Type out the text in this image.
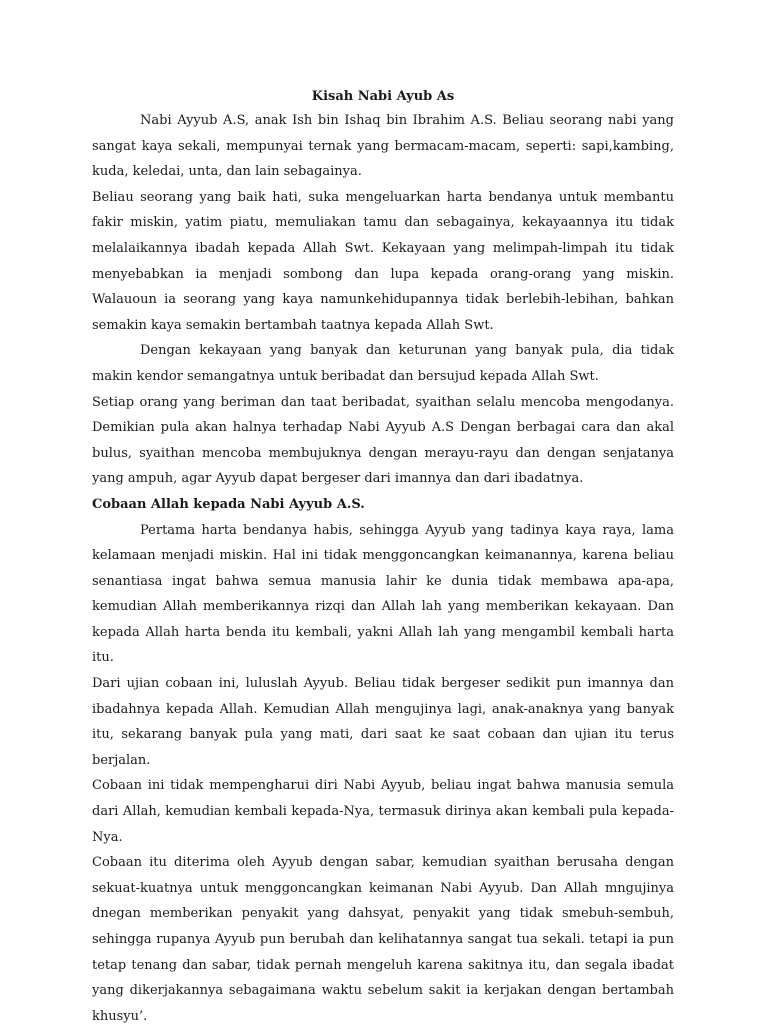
Kisah Nabi Ayub As

Nabi Ayyub A.S, anak Ish bin Ishaq bin Ibrahim A.S. Beliau seorang nabi yang sangat kaya sekali, mempunyai ternak yang bermacam-macam, seperti: sapi,kambing, kuda, keledai, unta, dan lain sebagainya.

Beliau seorang yang baik hati, suka mengeluarkan harta bendanya untuk membantu fakir miskin, yatim piatu, memuliakan tamu dan sebagainya, kekayaannya itu tidak melalaikannya ibadah kepada Allah Swt. Kekayaan yang melimpah-limpah itu tidak menyebabkan ia menjadi sombong dan lupa kepada orang-orang yang miskin. Walauoun ia seorang yang kaya namunkehidupannya tidak berlebih-lebihan, bahkan semakin kaya semakin bertambah taatnya kepada Allah Swt.

Dengan kekayaan yang banyak dan keturunan yang banyak pula, dia tidak makin kendor semangatnya untuk beribadat dan bersujud kepada Allah Swt.

Setiap orang yang beriman dan taat beribadat, syaithan selalu mencoba mengodanya. Demikian pula akan halnya terhadap Nabi Ayyub A.S Dengan berbagai cara dan akal bulus, syaithan mencoba membujuknya dengan merayu-rayu dan dengan senjatanya yang ampuh, agar Ayyub dapat bergeser dari imannya dan dari ibadatnya.

Cobaan Allah kepada Nabi Ayyub A.S.

Pertama harta bendanya habis, sehingga Ayyub yang tadinya kaya raya, lama kelamaan menjadi miskin. Hal ini tidak menggoncangkan keimanannya, karena beliau senantiasa ingat bahwa semua manusia lahir ke dunia tidak membawa apa-apa, kemudian Allah memberikannya rizqi dan Allah lah yang memberikan kekayaan. Dan kepada Allah harta benda itu kembali, yakni Allah lah yang mengambil kembali harta itu.

Dari ujian cobaan ini, luluslah Ayyub. Beliau tidak bergeser sedikit pun imannya dan ibadahnya kepada Allah. Kemudian Allah mengujinya lagi, anak-anaknya yang banyak itu, sekarang banyak pula yang mati, dari saat ke saat cobaan dan ujian itu terus berjalan.

Cobaan ini tidak mempengharui diri Nabi Ayyub, beliau ingat bahwa manusia semula dari Allah, kemudian kembali kepada-Nya, termasuk dirinya akan kembali pula kepada-Nya.

Cobaan itu diterima oleh Ayyub dengan sabar, kemudian syaithan berusaha dengan sekuat-kuatnya untuk menggoncangkan keimanan Nabi Ayyub. Dan Allah mngujinya dnegan memberikan penyakit yang dahsyat, penyakit yang tidak smebuh-sembuh, sehingga rupanya Ayyub pun berubah dan kelihatannya sangat tua sekali. tetapi ia pun tetap tenang dan sabar, tidak pernah mengeluh karena sakitnya itu, dan segala ibadat yang dikerjakannya sebagaimana waktu sebelum sakit ia kerjakan dengan bertambah khusyu’.
